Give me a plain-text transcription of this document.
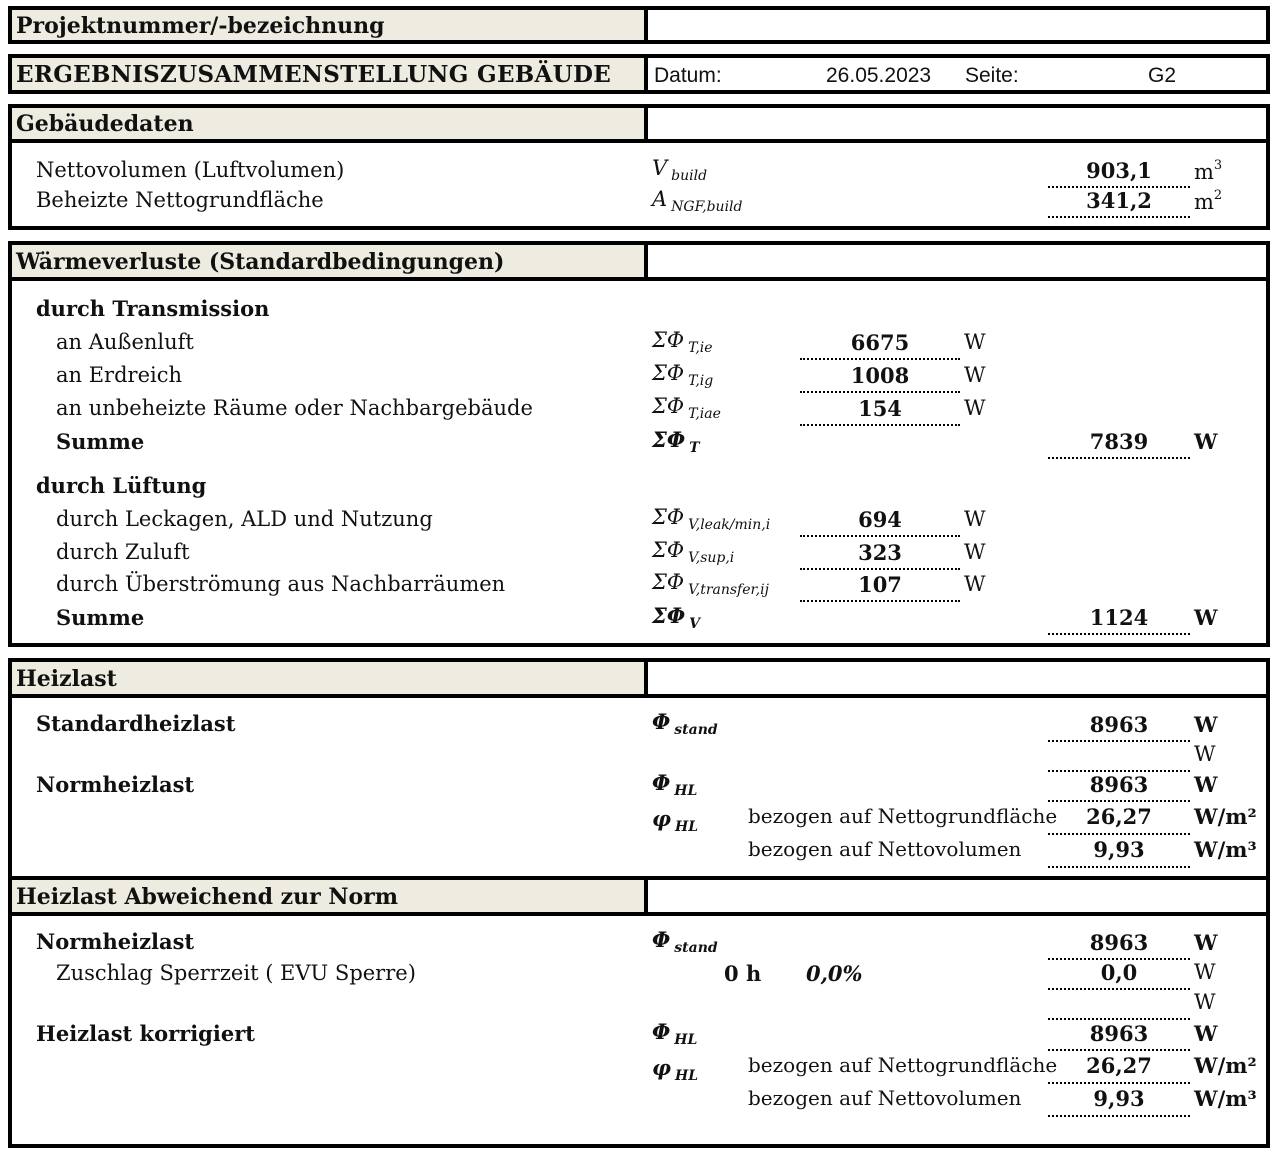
Projektnummer/-bezeichnung
ERGEBNISZUSAMMENSTELLUNG GEBÄUDE Datum:	26.05.2023 Seite:	G2
Gebäudedaten
Nettovolumen (Luftvolumen)	V $_{build}$	903,1	$m^3$
Beheizte Nettogrundfläche	A $_{NGF,build}$	341,2	$m^2$
Wärmeverluste (Standardbedingungen)
durch Transmission
an Außenluft	ΣΦ $_{T,ie}$	6675	W
an Erdreich	ΣΦ $_{T,ig}$	1008	W
an unbeheizte Räume oder Nachbargebäude	ΣΦ $_{T,iae}$	154	W
Summe	ΣΦ $_T$	7839	W
durch Lüftung
durch Leckagen, ALD und Nutzung	ΣΦ $_{V,leak/min,i}$	694	W
durch Zuluft	ΣΦ $_{V,sup,i}$	323	W
durch Überströmung aus Nachbarräumen	ΣΦ $_{V,transfer,ij}$	107	W
Summe	ΣΦ $_V$	1124	W
Heizlast
Standardheizlast	Φ $_{stand}$	8963	W
W
Normheizlast	Φ $_{HL}$	8963	W
φ $_{HL}$ bezogen auf Nettogrundfläche	26,27	W/m²
bezogen auf Nettovolumen	9,93	W/m³
Heizlast Abweichend zur Norm
Normheizlast	Φ $_{stand}$	8963	W
Zuschlag Sperrzeit ( EVU Sperre)	0 h 0,0%	0,0	W
W
Heizlast korrigiert	Φ $_{HL}$	8963	W
φ $_{HL}$ bezogen auf Nettogrundfläche	26,27	W/m²
bezogen auf Nettovolumen	9,93	W/m³
